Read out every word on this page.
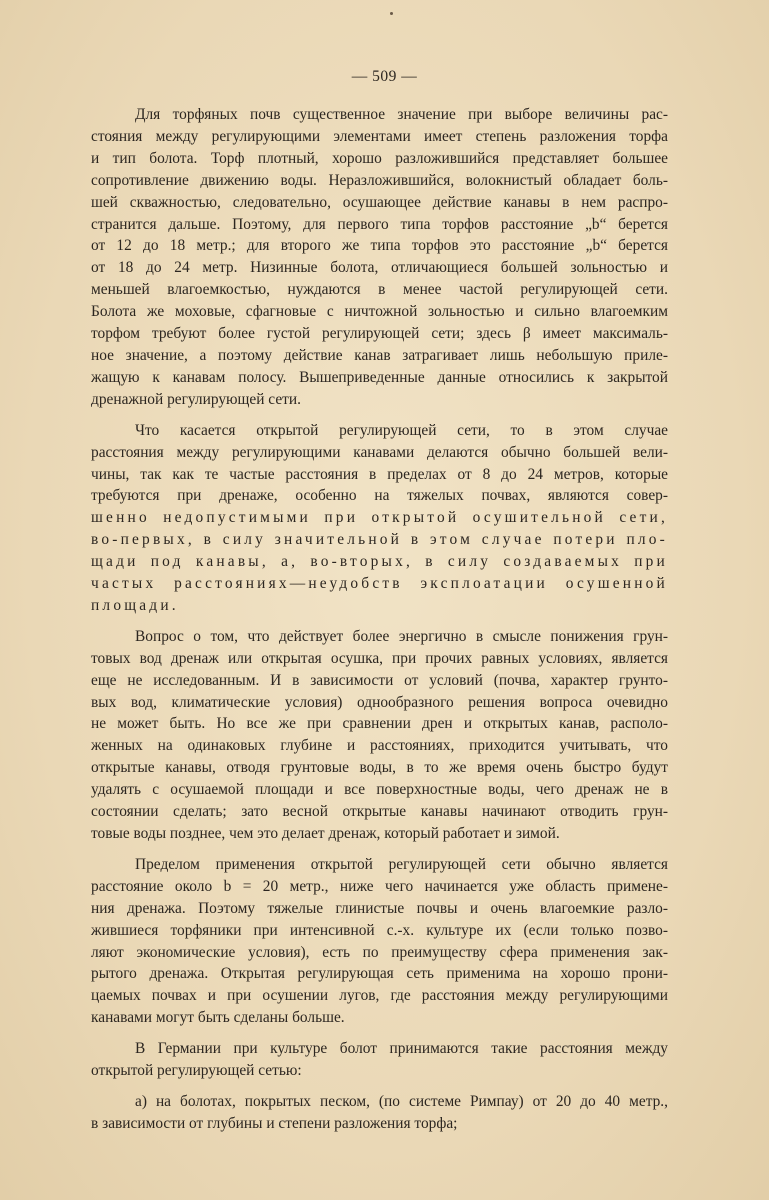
— 509 —

Для торфяных почв существенное значение при выборе величины рас-
стояния между регулирующими элементами имеет степень разложения торфа
и тип болота. Торф плотный, хорошо разложившийся представляет большее
сопротивление движению воды. Неразложившийся, волокнистый обладает боль-
шей скважностью, следовательно, осушающее действие канавы в нем распро-
странится дальше. Поэтому, для первого типа торфов расстояние „b“ берется
от 12 до 18 метр.; для второго же типа торфов это расстояние „b“ берется
от 18 до 24 метр. Низинные болота, отличающиеся большей зольностью и
меньшей влагоемкостью, нуждаются в менее частой регулирующей сети.
Болота же моховые, сфагновые с ничтожной зольностью и сильно влагоемким
торфом требуют более густой регулирующей сети; здесь β имеет максималь-
ное значение, а поэтому действие канав затрагивает лишь небольшую приле-
жащую к канавам полосу. Вышеприведенные данные относились к закрытой
дренажной регулирующей сети.

Что касается открытой регулирующей сети, то в этом случае
расстояния между регулирующими канавами делаются обычно большей вели-
чины, так как те частые расстояния в пределах от 8 до 24 метров, которые
требуются при дренаже, особенно на тяжелых почвах, являются совер-
шенно недопустимыми при открытой осушительной сети,
во-первых, в силу значительной в этом случае потери пло-
щади под канавы, а, во-вторых, в силу создаваемых при
частых расстояниях—неудобств эксплоатации осушенной
площади.

Вопрос о том, что действует более энергично в смысле понижения грун-
товых вод дренаж или открытая осушка, при прочих равных условиях, является
еще не исследованным. И в зависимости от условий (почва, характер грунто-
вых вод, климатические условия) однообразного решения вопроса очевидно
не может быть. Но все же при сравнении дрен и открытых канав, располо-
женных на одинаковых глубине и расстояниях, приходится учитывать, что
открытые канавы, отводя грунтовые воды, в то же время очень быстро будут
удалять с осушаемой площади и все поверхностные воды, чего дренаж не в
состоянии сделать; зато весной открытые канавы начинают отводить грун-
товые воды позднее, чем это делает дренаж, который работает и зимой.

Пределом применения открытой регулирующей сети обычно является
расстояние около b = 20 метр., ниже чего начинается уже область примене-
ния дренажа. Поэтому тяжелые глинистые почвы и очень влагоемкие разло-
жившиеся торфяники при интенсивной с.-х. культуре их (если только позво-
ляют экономические условия), есть по преимуществу сфера применения зак-
рытого дренажа. Открытая регулирующая сеть применима на хорошо прони-
цаемых почвах и при осушении лугов, где расстояния между регулирующими
канавами могут быть сделаны больше.

В Германии при культуре болот принимаются такие расстояния между
открытой регулирующей сетью:

а) на болотах, покрытых песком, (по системе Римпау) от 20 до 40 метр.,
в зависимости от глубины и степени разложения торфа;
